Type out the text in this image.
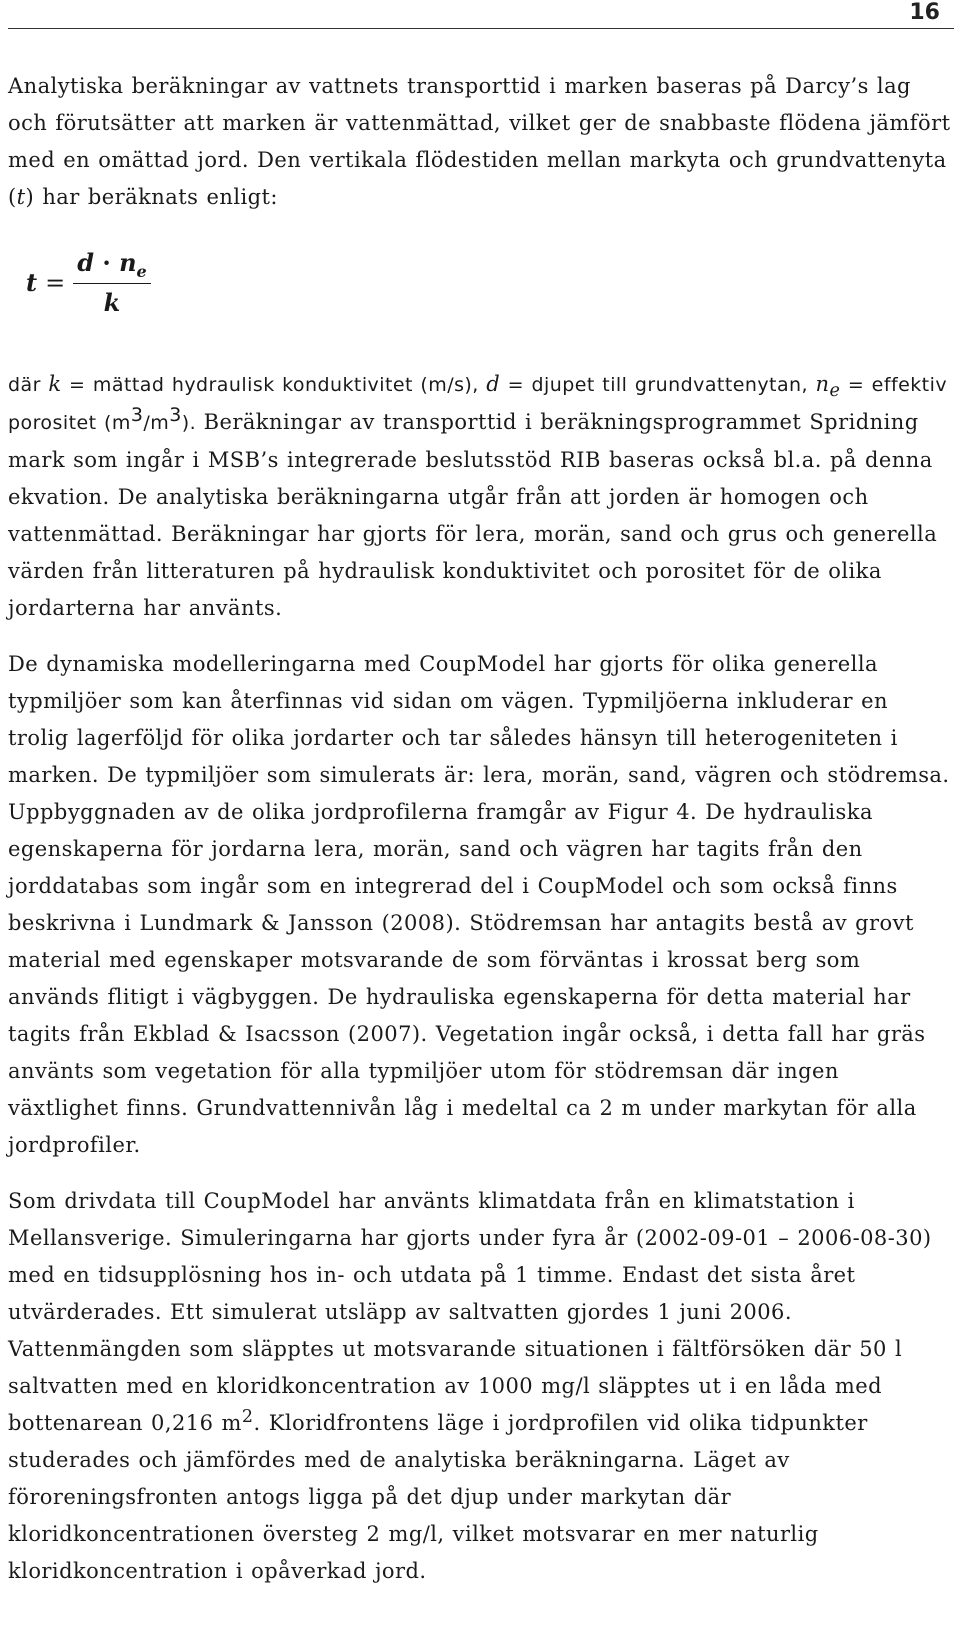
16

Analytiska beräkningar av vattnets transporttid i marken baseras på Darcy’s lag och förutsätter att marken är vattenmättad, vilket ger de snabbaste flödena jämfört med en omättad jord. Den vertikala flödestiden mellan markyta och grundvattenyta (t) har beräknats enligt:

$t = \frac{d \cdot n_e}{k}$

där k = mättad hydraulisk konduktivitet (m/s), d = djupet till grundvattenytan, $n_e$ = effektiv porositet $(m^3/m^3)$. Beräkningar av transporttid i beräkningsprogrammet Spridning mark som ingår i MSB’s integrerade beslutsstöd RIB baseras också bl.a. på denna ekvation. De analytiska beräkningarna utgår från att jorden är homogen och vattenmättad. Beräkningar har gjorts för lera, morän, sand och grus och generella värden från litteraturen på hydraulisk konduktivitet och porositet för de olika jordarterna har använts.

De dynamiska modelleringarna med CoupModel har gjorts för olika generella typmiljöer som kan återfinnas vid sidan om vägen. Typmiljöerna inkluderar en trolig lagerföljd för olika jordarter och tar således hänsyn till heterogeniteten i marken. De typmiljöer som simulerats är: lera, morän, sand, vägren och stödremsa. Uppbyggnaden av de olika jordprofilerna framgår av Figur 4. De hydrauliska egenskaperna för jordarna lera, morän, sand och vägren har tagits från den jorddatabas som ingår som en integrerad del i CoupModel och som också finns beskrivna i Lundmark & Jansson (2008). Stödremsan har antagits bestå av grovt material med egenskaper motsvarande de som förväntas i krossat berg som används flitigt i vägbyggen. De hydrauliska egenskaperna för detta material har tagits från Ekblad & Isacsson (2007). Vegetation ingår också, i detta fall har gräs använts som vegetation för alla typmiljöer utom för stödremsan där ingen växtlighet finns. Grundvattennivån låg i medeltal ca 2 m under markytan för alla jordprofiler.

Som drivdata till CoupModel har använts klimatdata från en klimatstation i Mellansverige. Simuleringarna har gjorts under fyra år (2002-09-01 – 2006-08-30) med en tidsupplösning hos in- och utdata på 1 timme. Endast det sista året utvärderades. Ett simulerat utsläpp av saltvatten gjordes 1 juni 2006. Vattenmängden som släpptes ut motsvarande situationen i fältförsöken där 50 l saltvatten med en kloridkoncentration av 1000 mg/l släpptes ut i en låda med bottenarean 0,216 $m^2$. Kloridfrontens läge i jordprofilen vid olika tidpunkter studerades och jämfördes med de analytiska beräkningarna. Läget av föroreningsfronten antogs ligga på det djup under markytan där kloridkoncentrationen översteg 2 mg/l, vilket motsvarar en mer naturlig kloridkoncentration i opåverkad jord.
